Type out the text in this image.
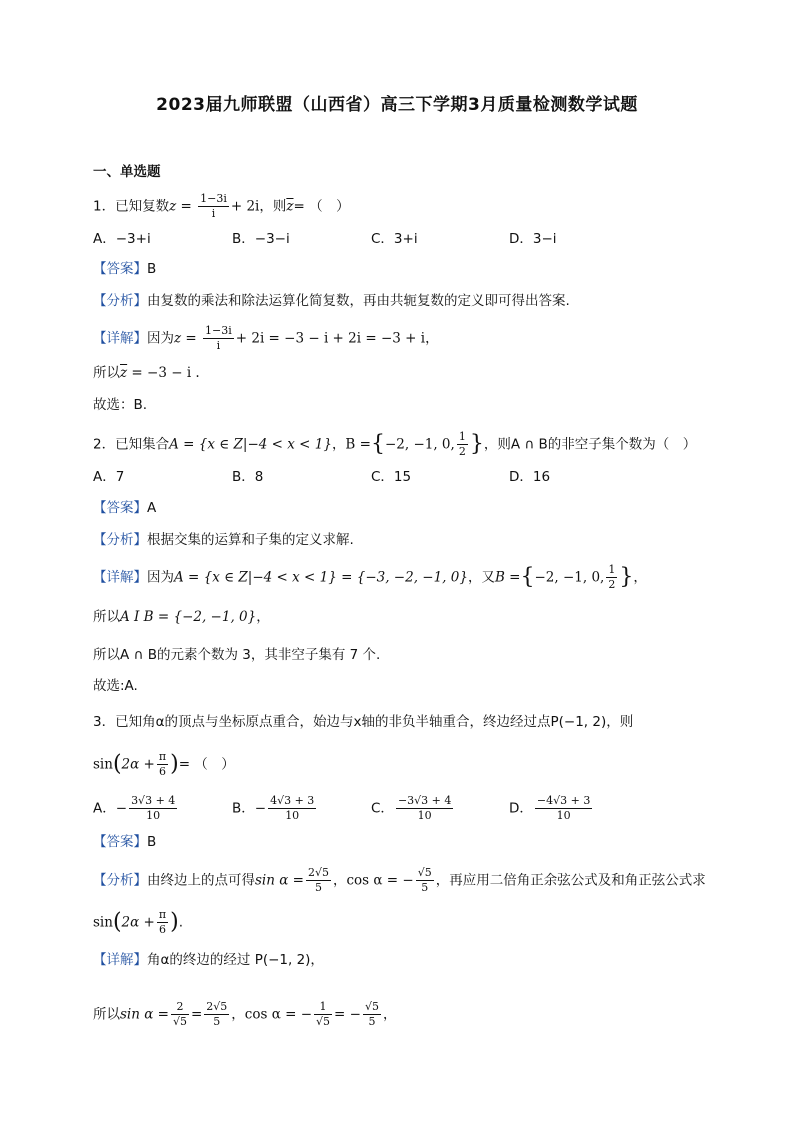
2023届九师联盟（山西省）高三下学期3月质量检测数学试题
一、单选题
1．已知复数$z = \frac{1-3i}{i} + 2i$，则$\overline{z}=$ （　）
A．−3+i	B．−3−i	C．3+i	D．3−i
【答案】B
【分析】由复数的乘法和除法运算化简复数，再由共轭复数的定义即可得出答案.
【详解】因为$z = \frac{1-3i}{i} + 2i = -3 - i + 2i = -3 + i$，
所以$\overline{z} = -3 - i$ .
故选：B.
2．已知集合A = {x ∈ Z|−4 < x < 1}，B ={−2, −1, 0, $\frac{1}{2}$ }，则A ∩ B的非空子集个数为（　）
A．7	B．8	C．15	D．16
【答案】A
【分析】根据交集的运算和子集的定义求解.
【详解】因为A = {x ∈ Z|−4 < x < 1} = {−3, −2, −1, 0}，又B ={−2, −1, 0, $\frac{1}{2}$ }，
所以A I B = {−2, −1, 0}，
所以A ∩ B的元素个数为 3，其非空子集有 7 个.
故选:A.
3．已知角α的顶点与坐标原点重合，始边与x轴的非负半轴重合，终边经过点P(−1, 2)，则
$\sin(2\alpha + \frac{\pi}{6}$ )= （　）
A．− $\frac{3√3 + 4}{10}$	B．− $\frac{4√3 + 3}{10}$	C． $\frac{-3√3 + 4}{10}$	D． $\frac{-4√3 + 3}{10}$
【答案】B
【分析】由终边上的点可得$\sin \alpha = \frac{2√5}{5}$ ，cos α = − $\frac{√5}{5}$ ，再应用二倍角正余弦公式及和角正弦公式求
$\sin(2\alpha + \frac{\pi}{6}$ ).
【详解】角α的终边的经过 P(−1, 2)，
所以$\sin \alpha = \frac{2}{√5} = \frac{2√5}{5}$ ，cos α = − $\frac{1}{√5}$ = − $\frac{√5}{5}$ ，
